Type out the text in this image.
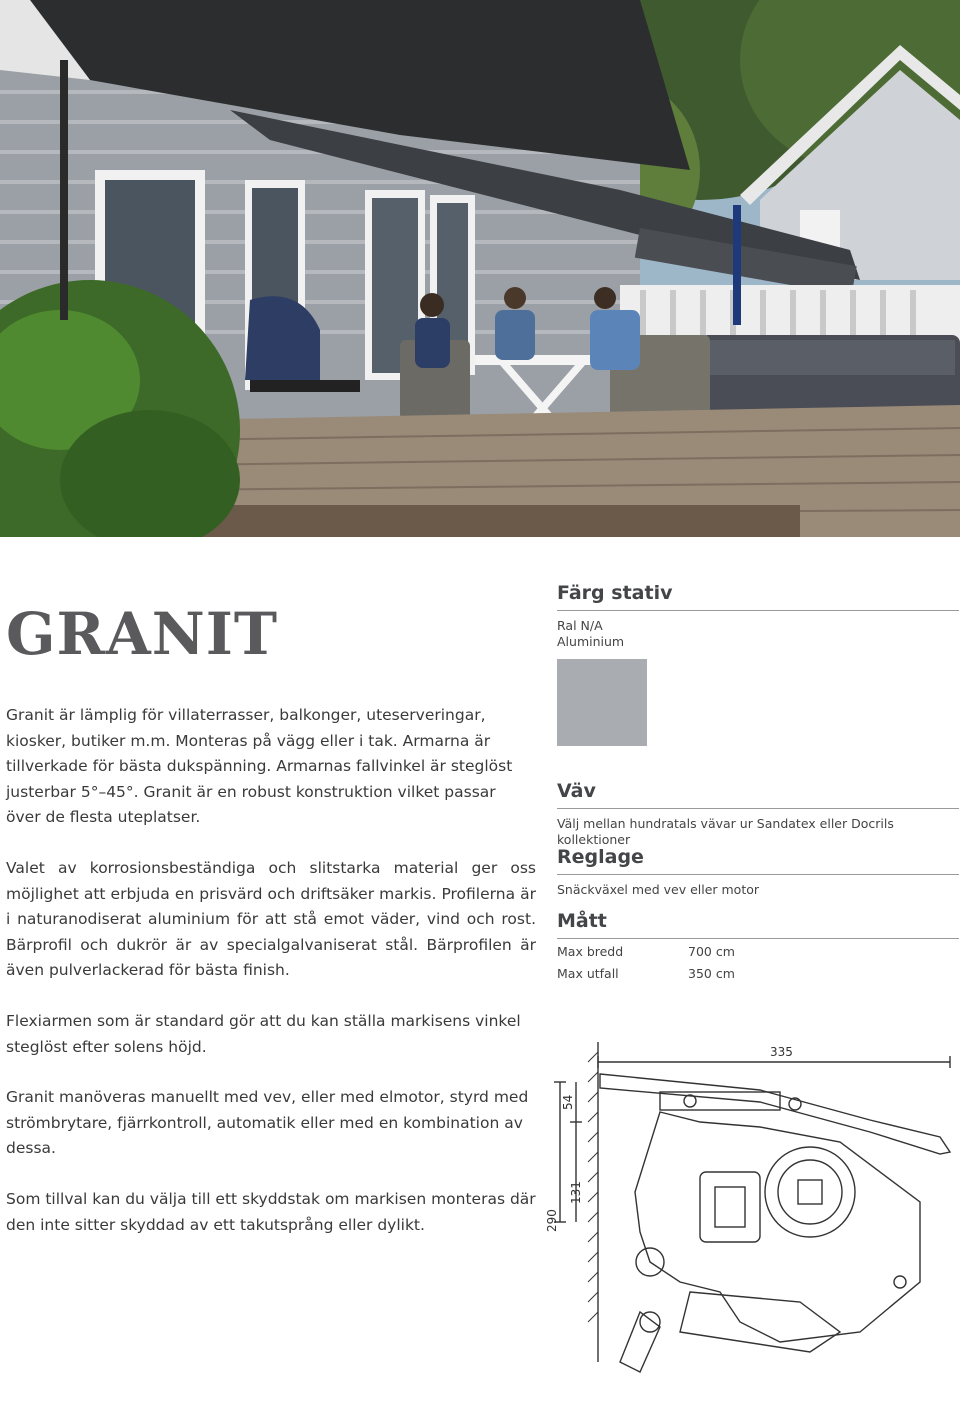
GRANIT

Granit är lämplig för villaterrasser, balkonger, uteserveringar, kiosker, butiker m.m. Monteras på vägg eller i tak. Armarna är tillverkade för bästa dukspänning. Armarnas fallvinkel är steglöst justerbar 5°–45°. Granit är en robust konstruktion vilket passar över de flesta uteplatser.

Valet av korrosionsbeständiga och slitstarka material ger oss möjlighet att erbjuda en prisvärd och driftsäker markis. Profilerna är i naturanodiserat aluminium för att stå emot väder, vind och rost. Bärprofil och dukrör är av specialgalvaniserat stål. Bärprofilen är även pulverlackerad för bästa finish.

Flexiarmen som är standard gör att du kan ställa markisens vinkel steglöst efter solens höjd.

Granit manöveras manuellt med vev, eller med elmotor, styrd med strömbrytare, fjärrkontroll, automatik eller med en kombination av dessa.

Som tillval kan du välja till ett skyddstak om markisen monteras där den inte sitter skyddad av ett takutsprång eller dylikt.

Färg stativ
Ral N/A
Aluminium
Väv
Välj mellan hundratals vävar ur Sandatex eller Docrils kollektioner
Reglage
Snäckväxel med vev eller motor
Mått
Max bredd	700 cm
Max utfall	350 cm
335
54
131
290
